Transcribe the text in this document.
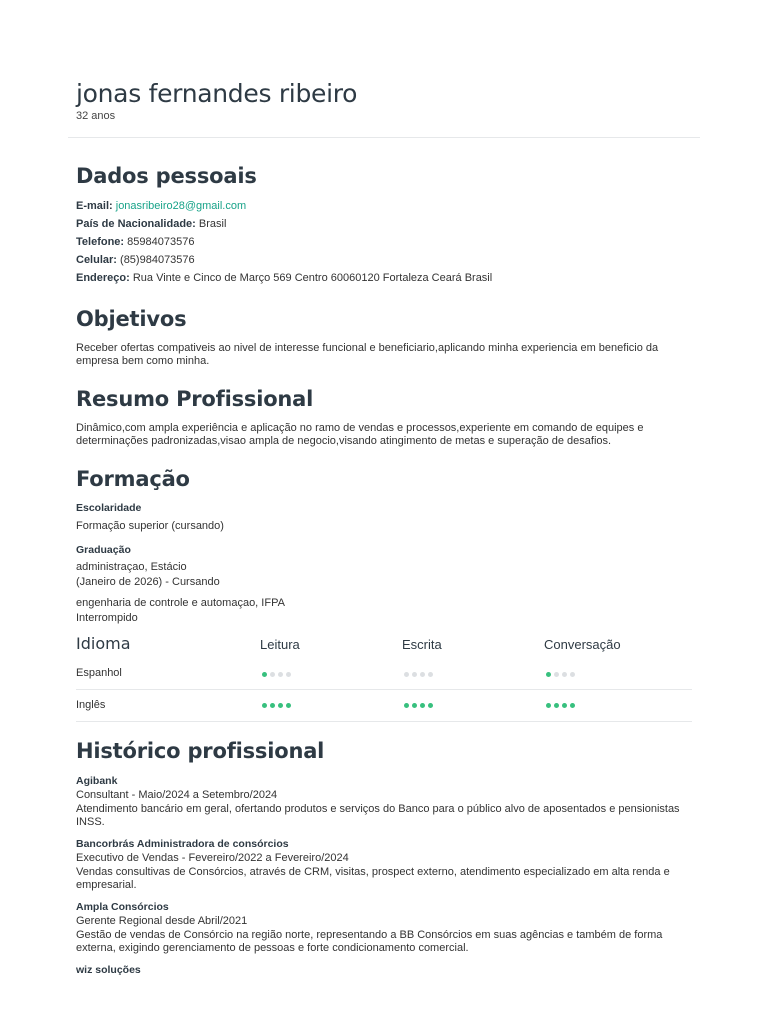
jonas fernandes ribeiro
32 anos
Dados pessoais
E-mail: jonasribeiro28@gmail.com
País de Nacionalidade: Brasil
Telefone: 85984073576
Celular: (85)984073576
Endereço: Rua Vinte e Cinco de Março 569 Centro 60060120 Fortaleza Ceará Brasil
Objetivos
Receber ofertas compativeis ao nivel de interesse funcional e beneficiario,aplicando minha experiencia em beneficio da empresa bem como minha.
Resumo Profissional
Dinâmico,com ampla experiência e aplicação no ramo de vendas e processos,experiente em comando de equipes e determinações padronizadas,visao ampla de negocio,visando atingimento de metas e superação de desafios.
Formação
Escolaridade
Formação superior (cursando)
Graduação
administraçao, Estácio
(Janeiro de 2026) - Cursando
engenharia de controle e automaçao, IFPA
Interrompido
Idioma	Leitura	Escrita	Conversação
Espanhol
Inglês
Histórico profissional
Agibank
Consultant - Maio/2024 a Setembro/2024
Atendimento bancário em geral, ofertando produtos e serviços do Banco para o público alvo de aposentados e pensionistas INSS.
Bancorbrás Administradora de consórcios
Executivo de Vendas - Fevereiro/2022 a Fevereiro/2024
Vendas consultivas de Consórcios, através de CRM, visitas, prospect externo, atendimento especializado em alta renda e empresarial.
Ampla Consórcios
Gerente Regional desde Abril/2021
Gestão de vendas de Consórcio na região norte, representando a BB Consórcios em suas agências e também de forma externa, exigindo gerenciamento de pessoas e forte condicionamento comercial.
wiz soluções
